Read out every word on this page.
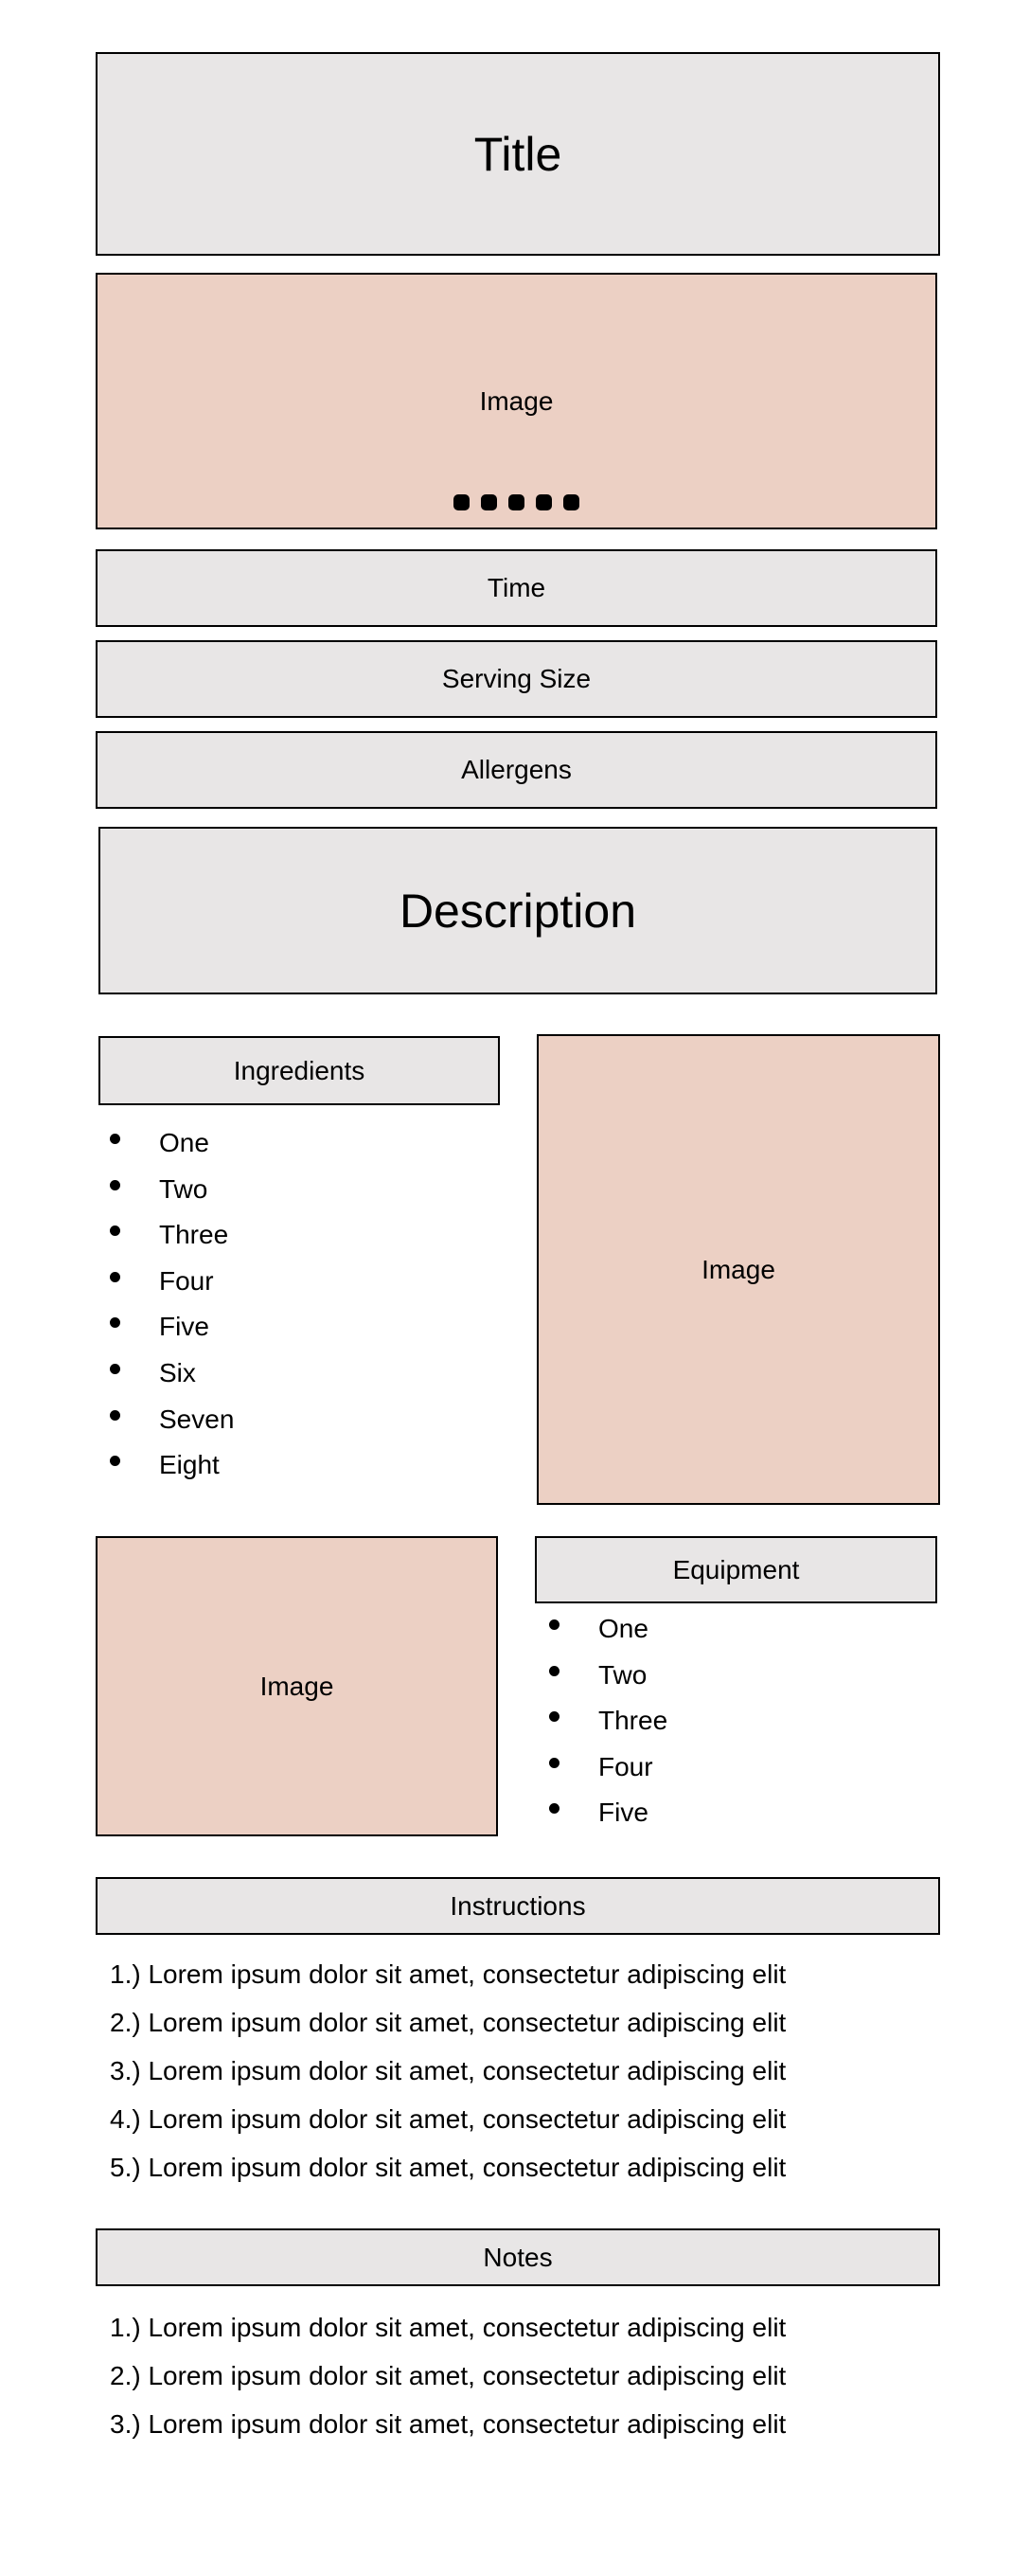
Title
Image
Time
Serving Size
Allergens
Description
Ingredients
One
Two
Three
Four
Five
Six
Seven
Eight
Image
Image
Equipment
One
Two
Three
Four
Five
Instructions
1.) Lorem ipsum dolor sit amet, consectetur adipiscing elit
2.) Lorem ipsum dolor sit amet, consectetur adipiscing elit
3.) Lorem ipsum dolor sit amet, consectetur adipiscing elit
4.) Lorem ipsum dolor sit amet, consectetur adipiscing elit
5.) Lorem ipsum dolor sit amet, consectetur adipiscing elit
Notes
1.) Lorem ipsum dolor sit amet, consectetur adipiscing elit
2.) Lorem ipsum dolor sit amet, consectetur adipiscing elit
3.) Lorem ipsum dolor sit amet, consectetur adipiscing elit
